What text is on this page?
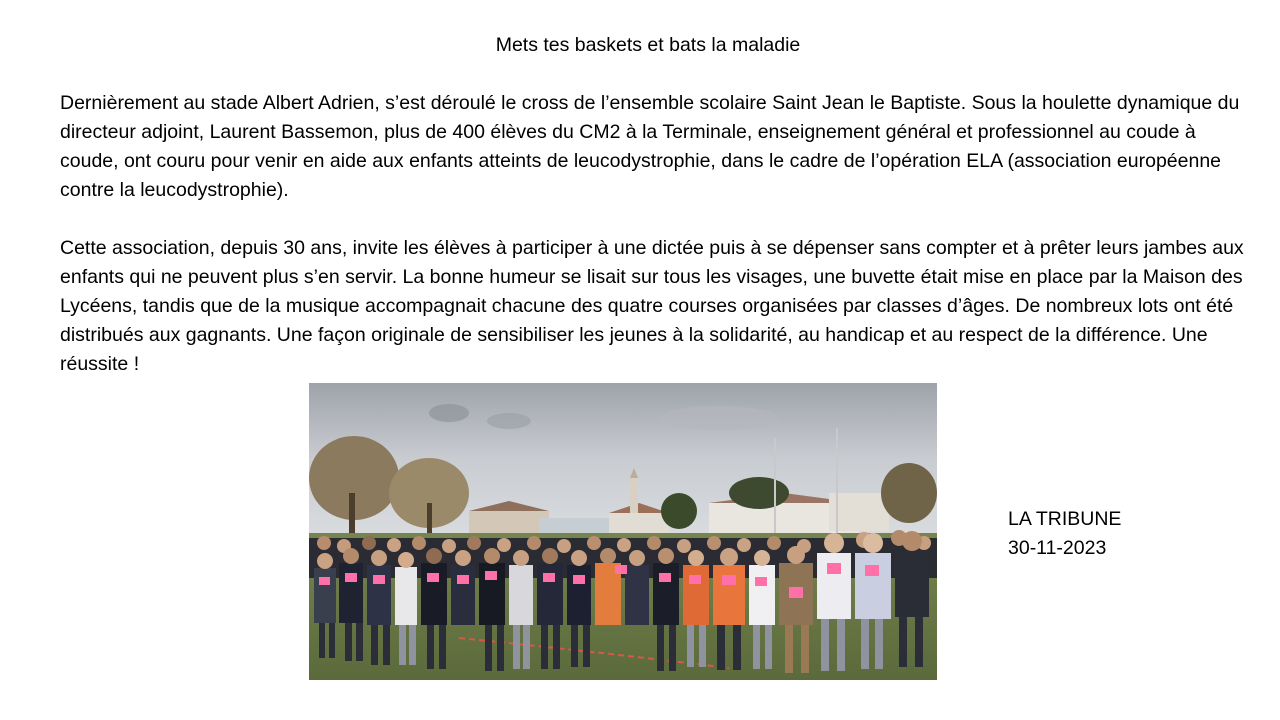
Mets tes baskets et bats la maladie

Dernièrement au stade Albert Adrien, s’est déroulé le cross de l’ensemble scolaire Saint Jean le Baptiste. Sous la houlette dynamique du directeur adjoint, Laurent Bassemon, plus de 400 élèves du CM2 à la Terminale, enseignement général et professionnel au coude à coude, ont couru pour venir en aide aux enfants atteints de leucodystrophie, dans le cadre de l’opération ELA (association européenne contre la leucodystrophie).

Cette association, depuis 30 ans, invite les élèves à participer à une dictée puis à se dépenser sans compter et à prêter leurs jambes aux enfants qui ne peuvent plus s’en servir. La bonne humeur se lisait sur tous les visages, une buvette était mise en place par la Maison des Lycéens, tandis que de la musique accompagnait chacune des quatre courses organisées par classes d’âges. De nombreux lots ont été distribués aux gagnants. Une façon originale de sensibiliser les jeunes à la solidarité, au handicap et au respect de la différence. Une réussite !

LA TRIBUNE
30-11-2023
